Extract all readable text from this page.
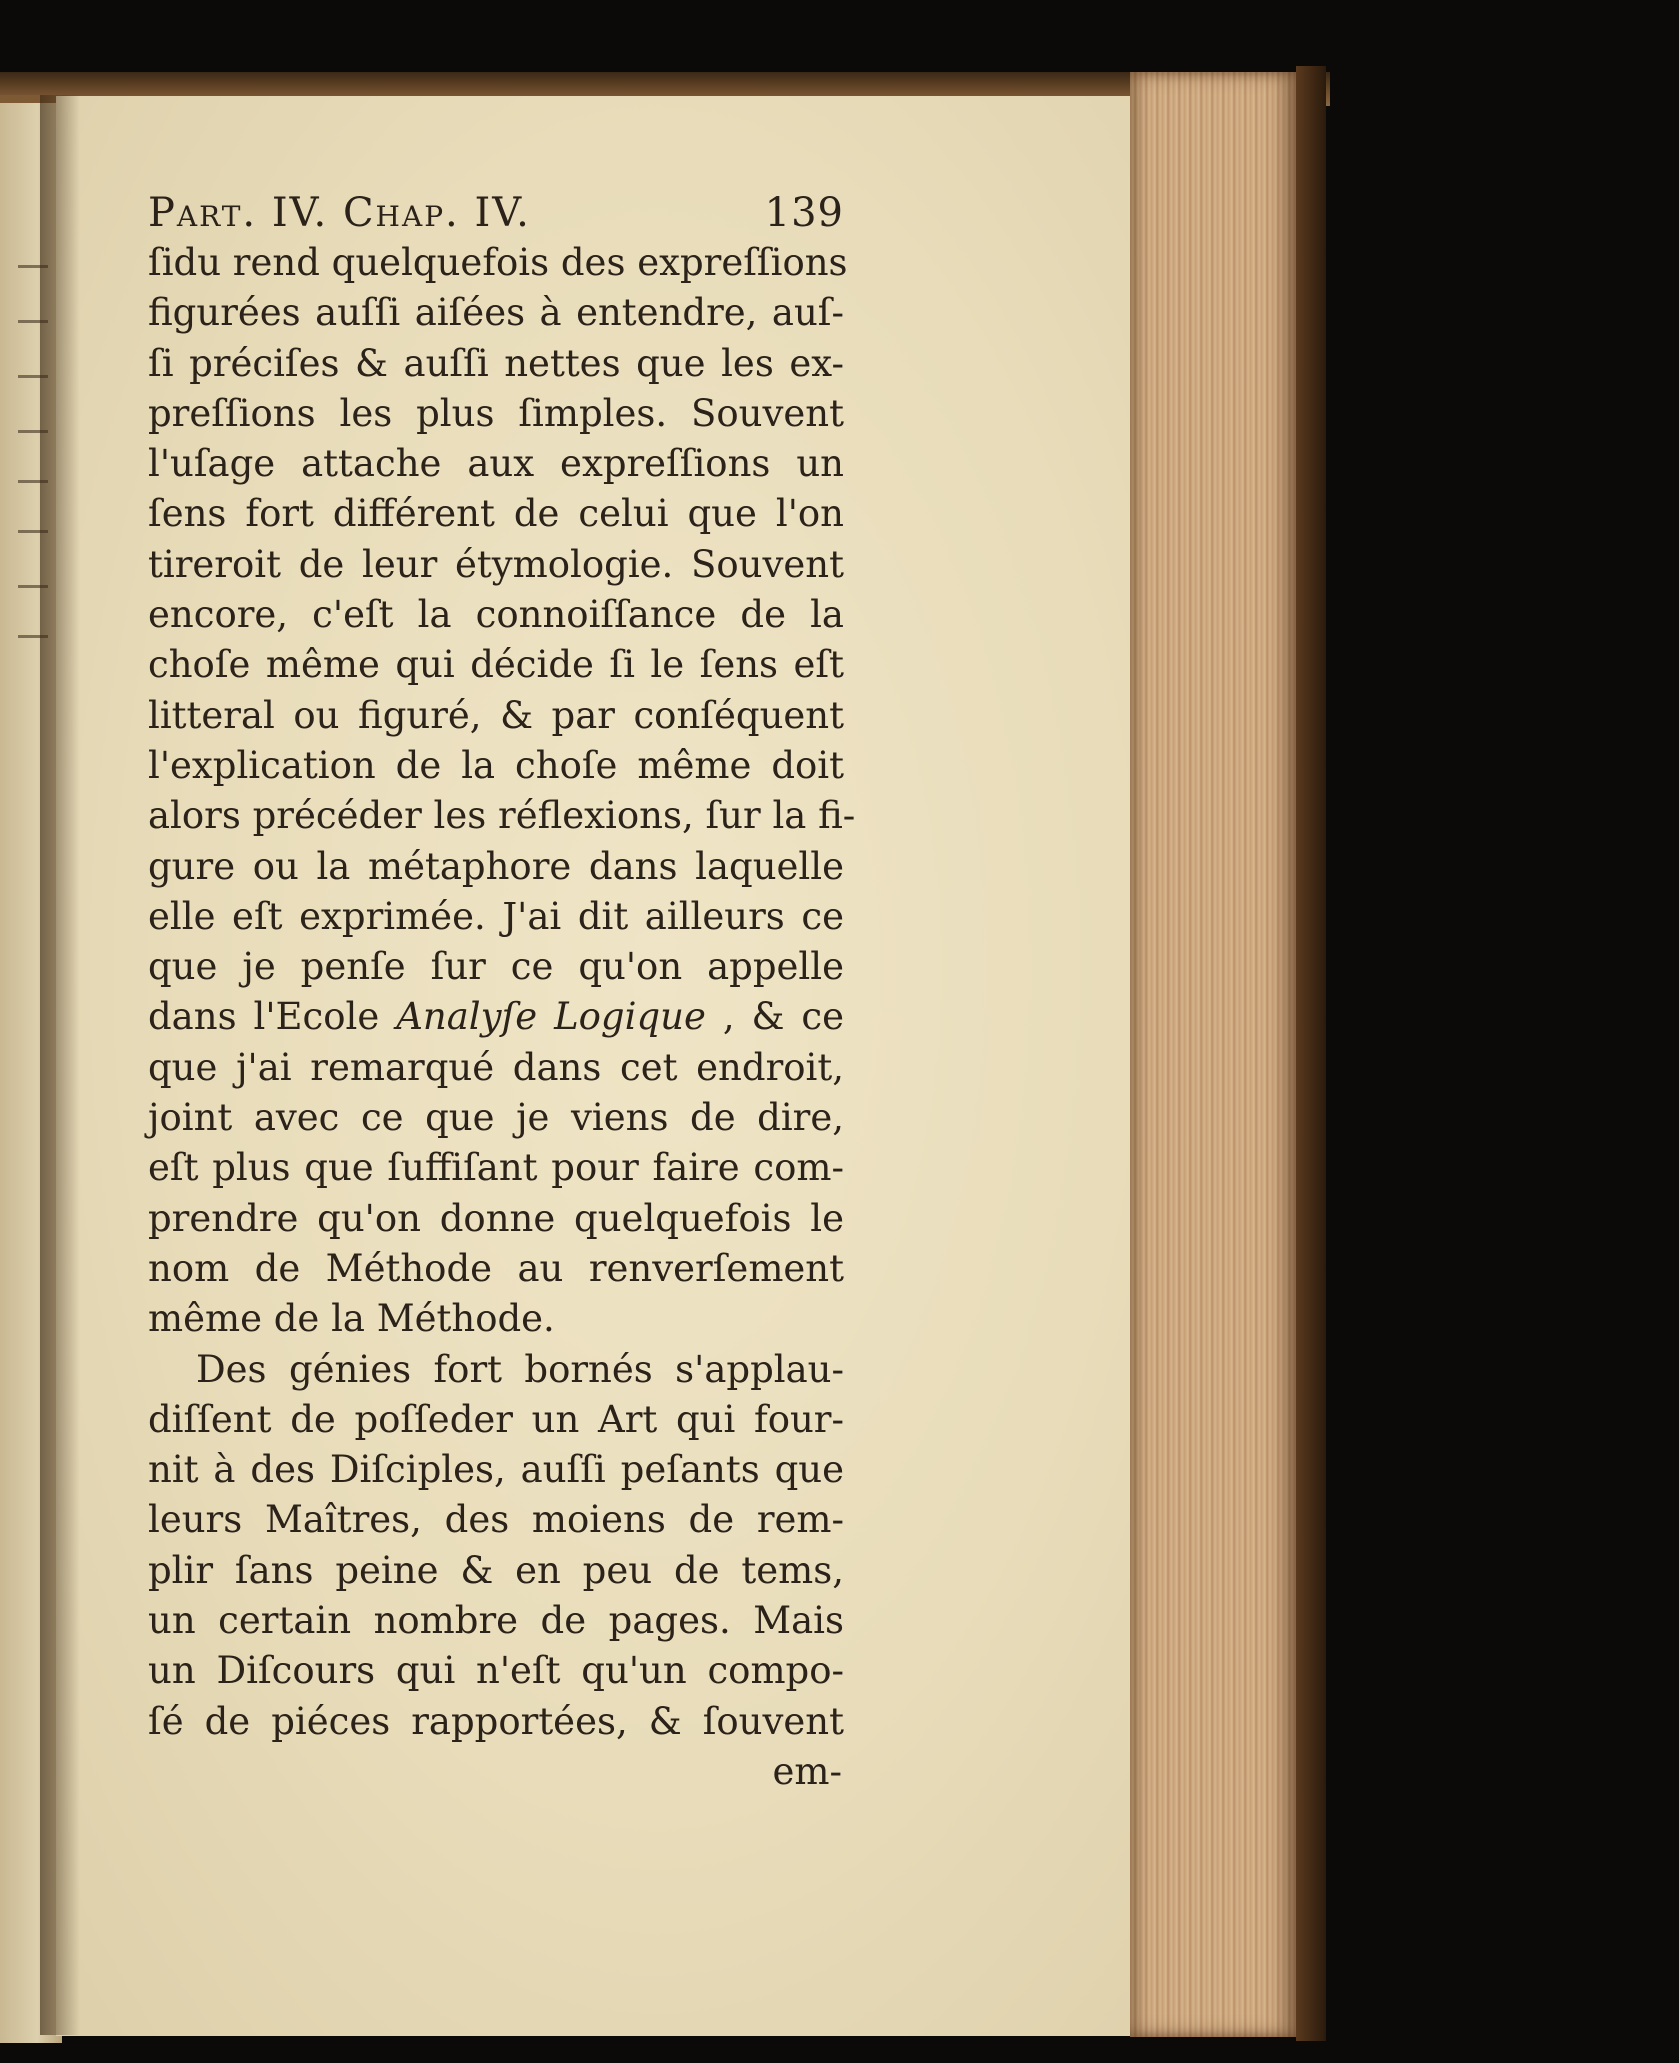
Part. IV. Chap. IV.	139
ſidu rend quelquefois des expreſſions
figurées auſſi aiſées à entendre, auſ-
ſi préciſes & auſſi nettes que les ex-
preſſions les plus ſimples. Souvent
l'uſage attache aux expreſſions un
ſens fort différent de celui que l'on
tireroit de leur étymologie. Souvent
encore, c'eſt la connoiſſance de la
choſe même qui décide ſi le ſens eſt
litteral ou figuré, & par conſéquent
l'explication de la choſe même doit
alors précéder les réflexions, ſur la fi-
gure ou la métaphore dans laquelle
elle eſt exprimée. J'ai dit ailleurs ce
que je penſe ſur ce qu'on appelle
dans l'Ecole Analyſe Logique , & ce
que j'ai remarqué dans cet endroit,
joint avec ce que je viens de dire,
eſt plus que ſuffiſant pour faire com-
prendre qu'on donne quelquefois le
nom de Méthode au renverſement
même de la Méthode.
Des génies fort bornés s'applau-
diſſent de poſſeder un Art qui four-
nit à des Diſciples, auſſi peſants que
leurs Maîtres, des moiens de rem-
plir ſans peine & en peu de tems,
un certain nombre de pages. Mais
un Diſcours qui n'eſt qu'un compo-
ſé de piéces rapportées, & ſouvent
em-
